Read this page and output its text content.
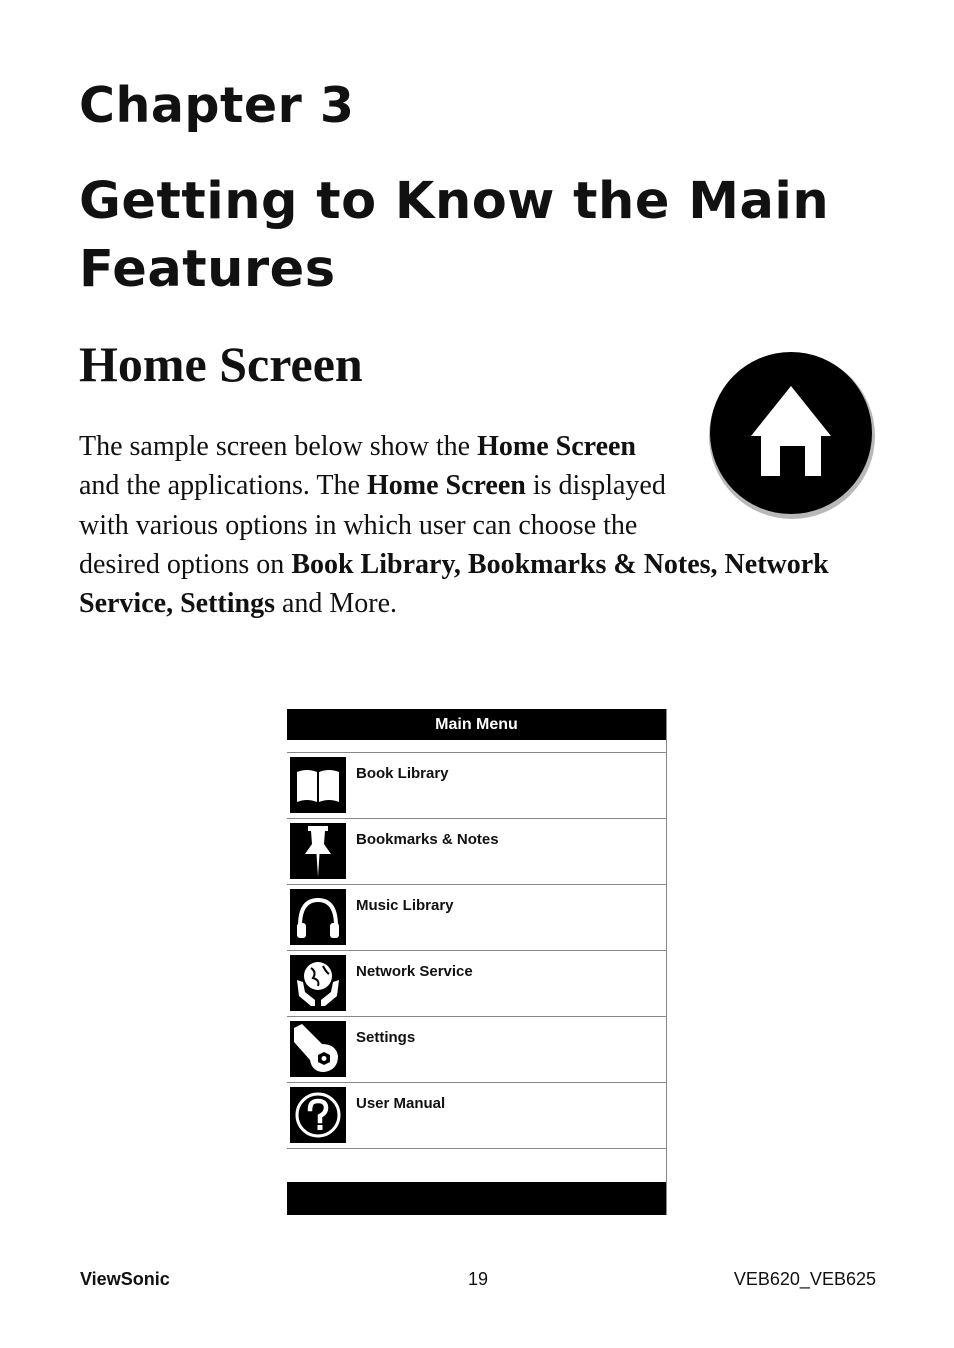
Chapter 3
Getting to Know the Main Features
Home Screen

The sample screen below show the Home Screen
and the applications. The Home Screen is displayed
with various options in which user can choose the
desired options on Book Library, Bookmarks & Notes, Network Service, Settings and More.

Main Menu
Book Library
Bookmarks & Notes
Music Library
Network Service
Settings
User Manual
ViewSonic	19	VEB620_VEB625
